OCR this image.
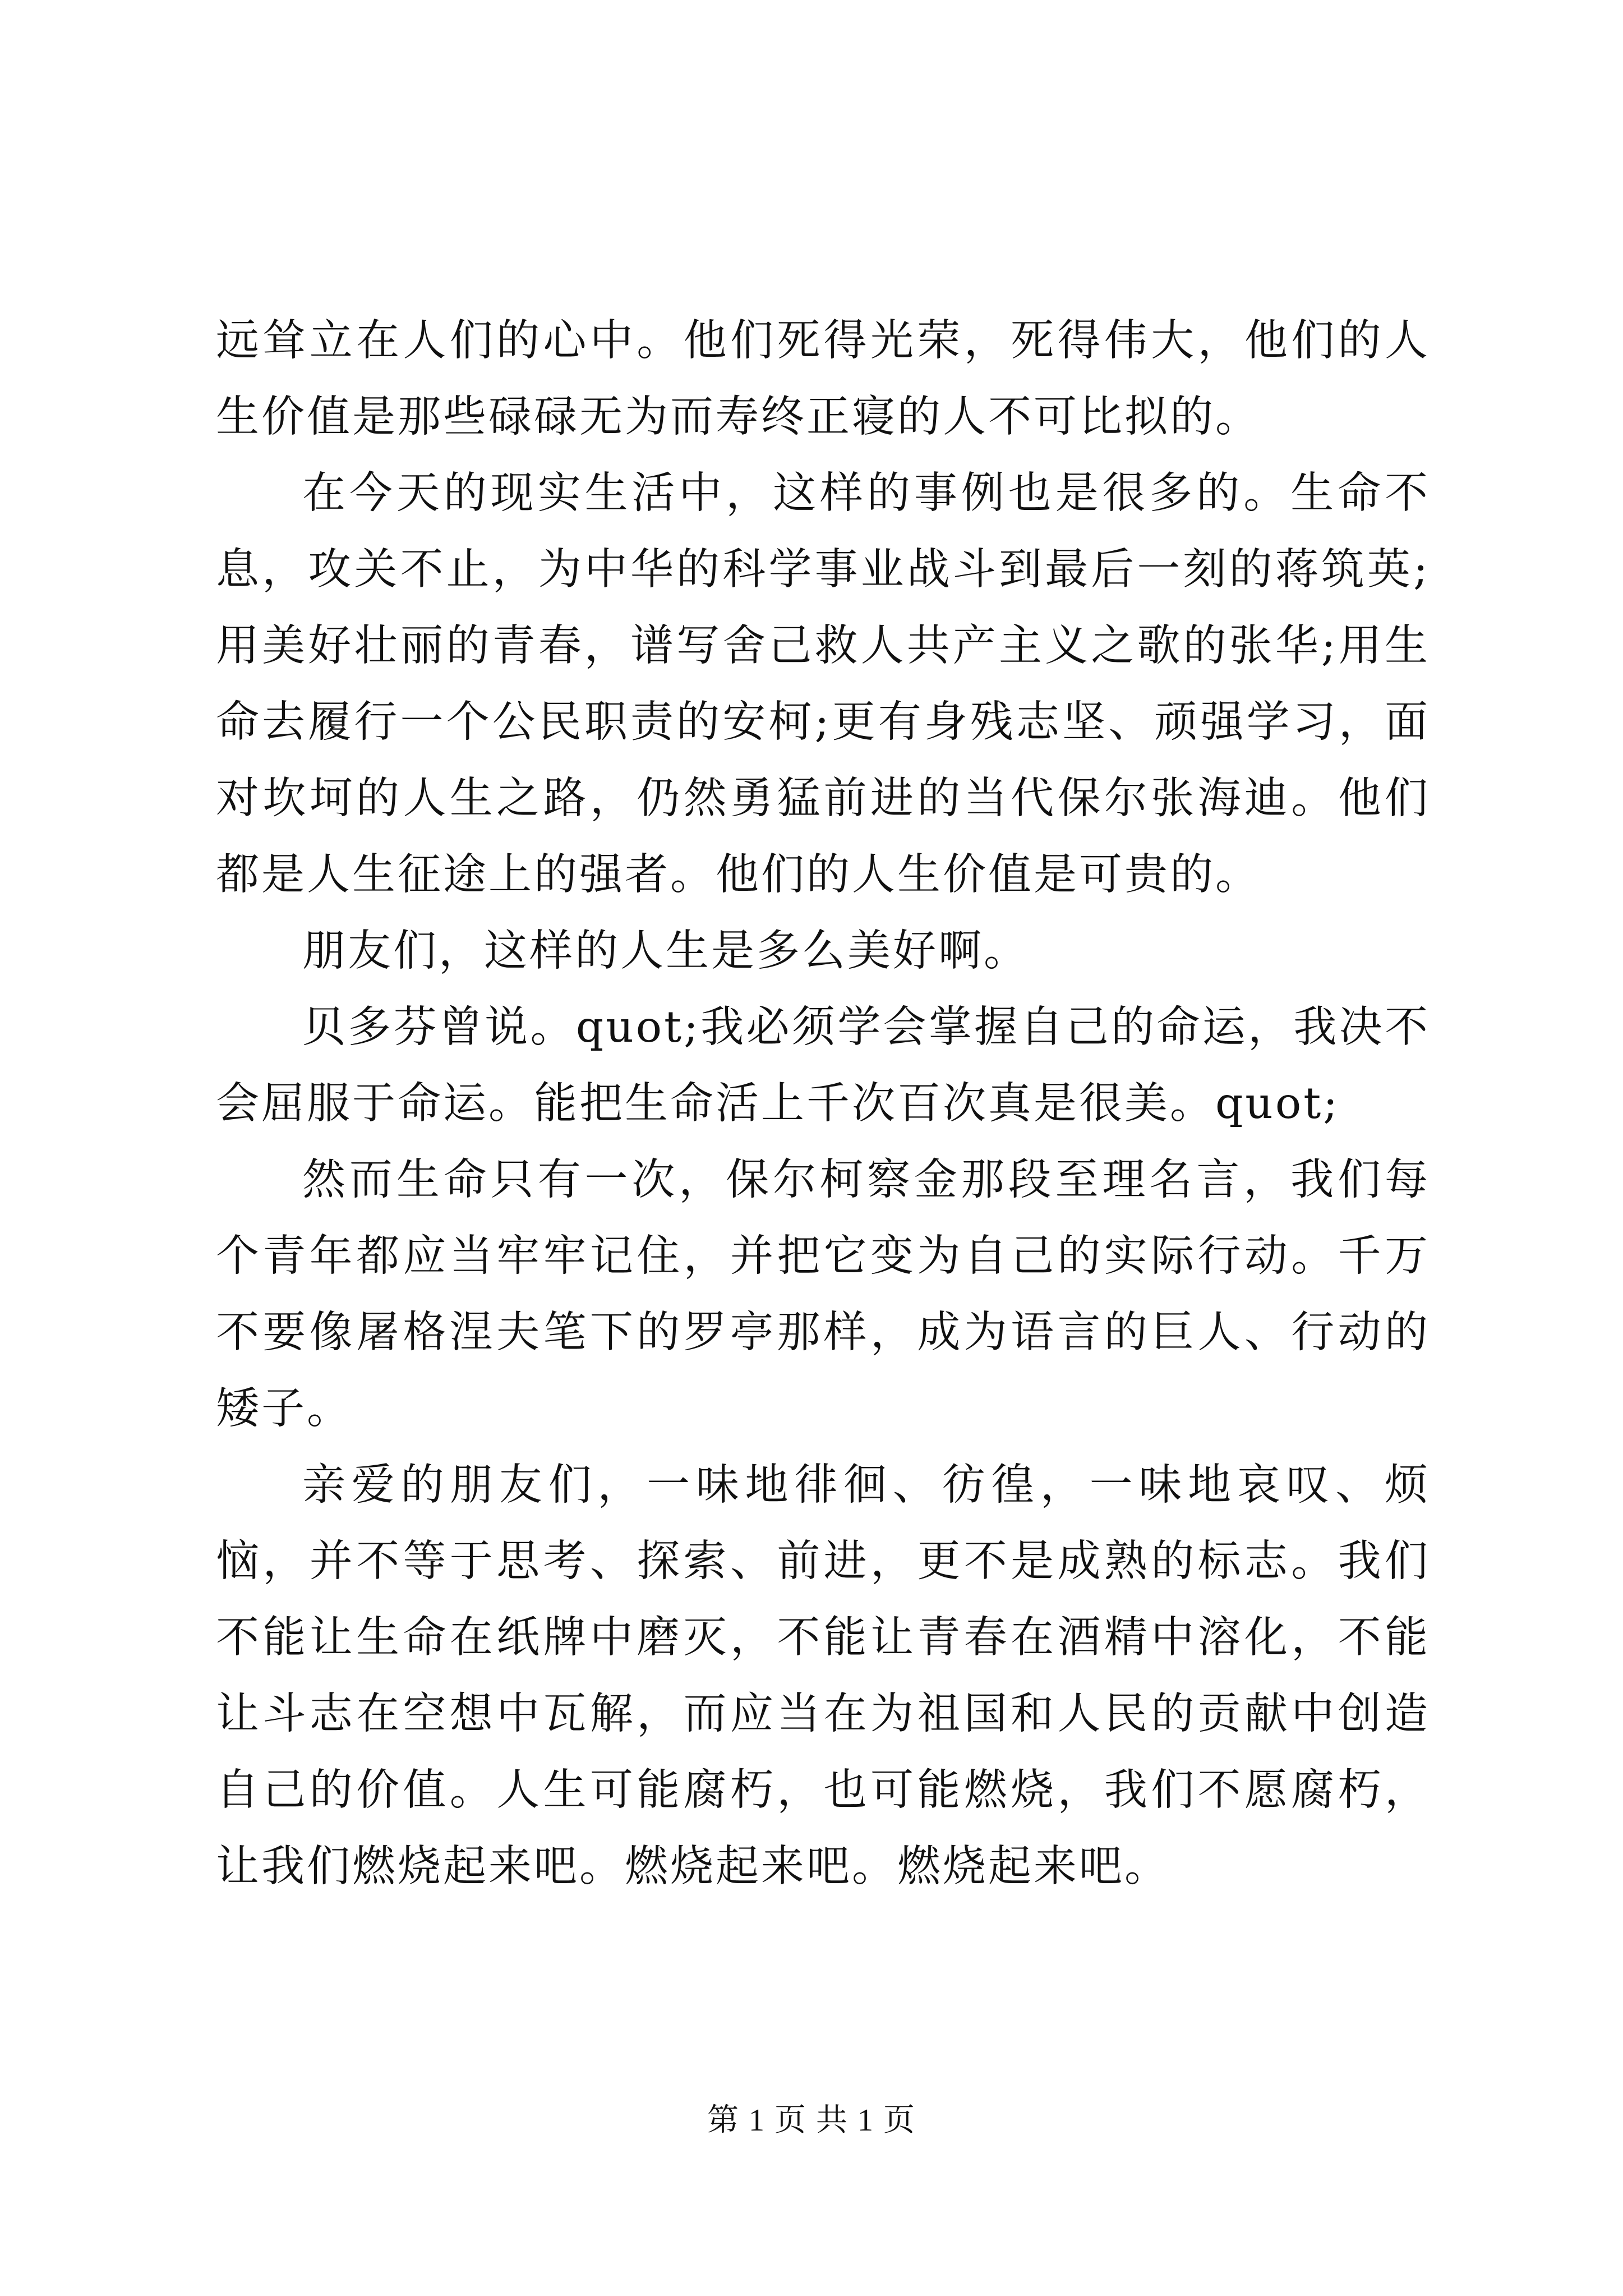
远耸立在人们的心中。他们死得光荣，死得伟大，他们的人生价值是那些碌碌无为而寿终正寝的人不可比拟的。

在今天的现实生活中，这样的事例也是很多的。生命不息，攻关不止，为中华的科学事业战斗到最后一刻的蒋筑英;用美好壮丽的青春，谱写舍己救人共产主义之歌的张华;用生命去履行一个公民职责的安柯;更有身残志坚、顽强学习，面对坎坷的人生之路，仍然勇猛前进的当代保尔张海迪。他们都是人生征途上的强者。他们的人生价值是可贵的。

朋友们，这样的人生是多么美好啊。

贝多芬曾说。quot;我必须学会掌握自己的命运，我决不会屈服于命运。能把生命活上千次百次真是很美。quot;

然而生命只有一次，保尔柯察金那段至理名言，我们每个青年都应当牢牢记住，并把它变为自己的实际行动。千万不要像屠格涅夫笔下的罗亭那样，成为语言的巨人、行动的矮子。

亲爱的朋友们，一味地徘徊、彷徨，一味地哀叹、烦恼，并不等于思考、探索、前进，更不是成熟的标志。我们不能让生命在纸牌中磨灭，不能让青春在酒精中溶化，不能让斗志在空想中瓦解，而应当在为祖国和人民的贡献中创造自己的价值。人生可能腐朽，也可能燃烧，我们不愿腐朽，让我们燃烧起来吧。燃烧起来吧。燃烧起来吧。

第 1 页 共 1 页
